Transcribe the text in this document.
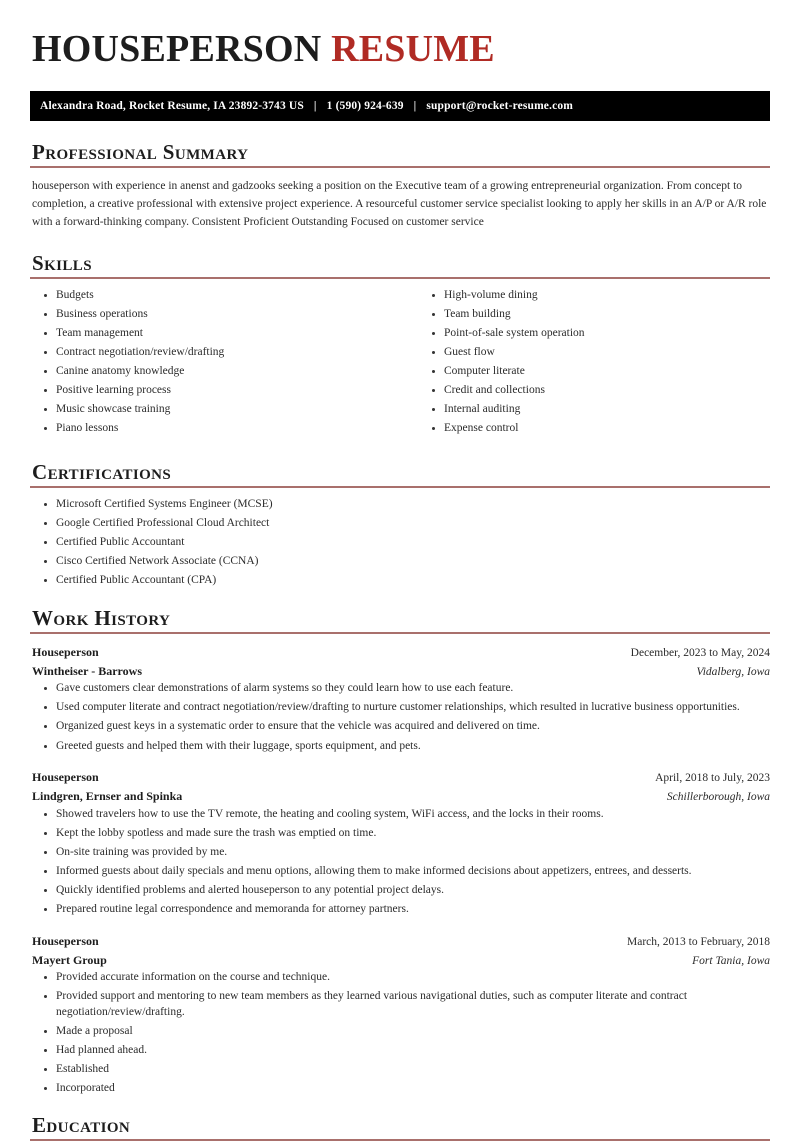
HOUSEPERSON RESUME
Alexandra Road, Rocket Resume, IA 23892-3743 US | 1 (590) 924-639 | support@rocket-resume.com
Professional Summary

houseperson with experience in anenst and gadzooks seeking a position on the Executive team of a growing entrepreneurial organization. From concept to completion, a creative professional with extensive project experience. A resourceful customer service specialist looking to apply her skills in an A/P or A/R role with a forward-thinking company. Consistent Proficient Outstanding Focused on customer service

Skills
Budgets
Business operations
Team management
Contract negotiation/review/drafting
Canine anatomy knowledge
Positive learning process
Music showcase training
Piano lessons
High-volume dining
Team building
Point-of-sale system operation
Guest flow
Computer literate
Credit and collections
Internal auditing
Expense control
Certifications
Microsoft Certified Systems Engineer (MCSE)
Google Certified Professional Cloud Architect
Certified Public Accountant
Cisco Certified Network Associate (CCNA)
Certified Public Accountant (CPA)
Work History
Houseperson	December, 2023 to May, 2024
Wintheiser - Barrows	Vidalberg, Iowa
Gave customers clear demonstrations of alarm systems so they could learn how to use each feature.
Used computer literate and contract negotiation/review/drafting to nurture customer relationships, which resulted in lucrative business opportunities.
Organized guest keys in a systematic order to ensure that the vehicle was acquired and delivered on time.
Greeted guests and helped them with their luggage, sports equipment, and pets.
Houseperson	April, 2018 to July, 2023
Lindgren, Ernser and Spinka	Schillerborough, Iowa
Showed travelers how to use the TV remote, the heating and cooling system, WiFi access, and the locks in their rooms.
Kept the lobby spotless and made sure the trash was emptied on time.
On-site training was provided by me.
Informed guests about daily specials and menu options, allowing them to make informed decisions about appetizers, entrees, and desserts.
Quickly identified problems and alerted houseperson to any potential project delays.
Prepared routine legal correspondence and memoranda for attorney partners.
Houseperson	March, 2013 to February, 2018
Mayert Group	Fort Tania, Iowa
Provided accurate information on the course and technique.
Provided support and mentoring to new team members as they learned various navigational duties, such as computer literate and contract negotiation/review/drafting.
Made a proposal
Had planned ahead.
Established
Incorporated
Education
